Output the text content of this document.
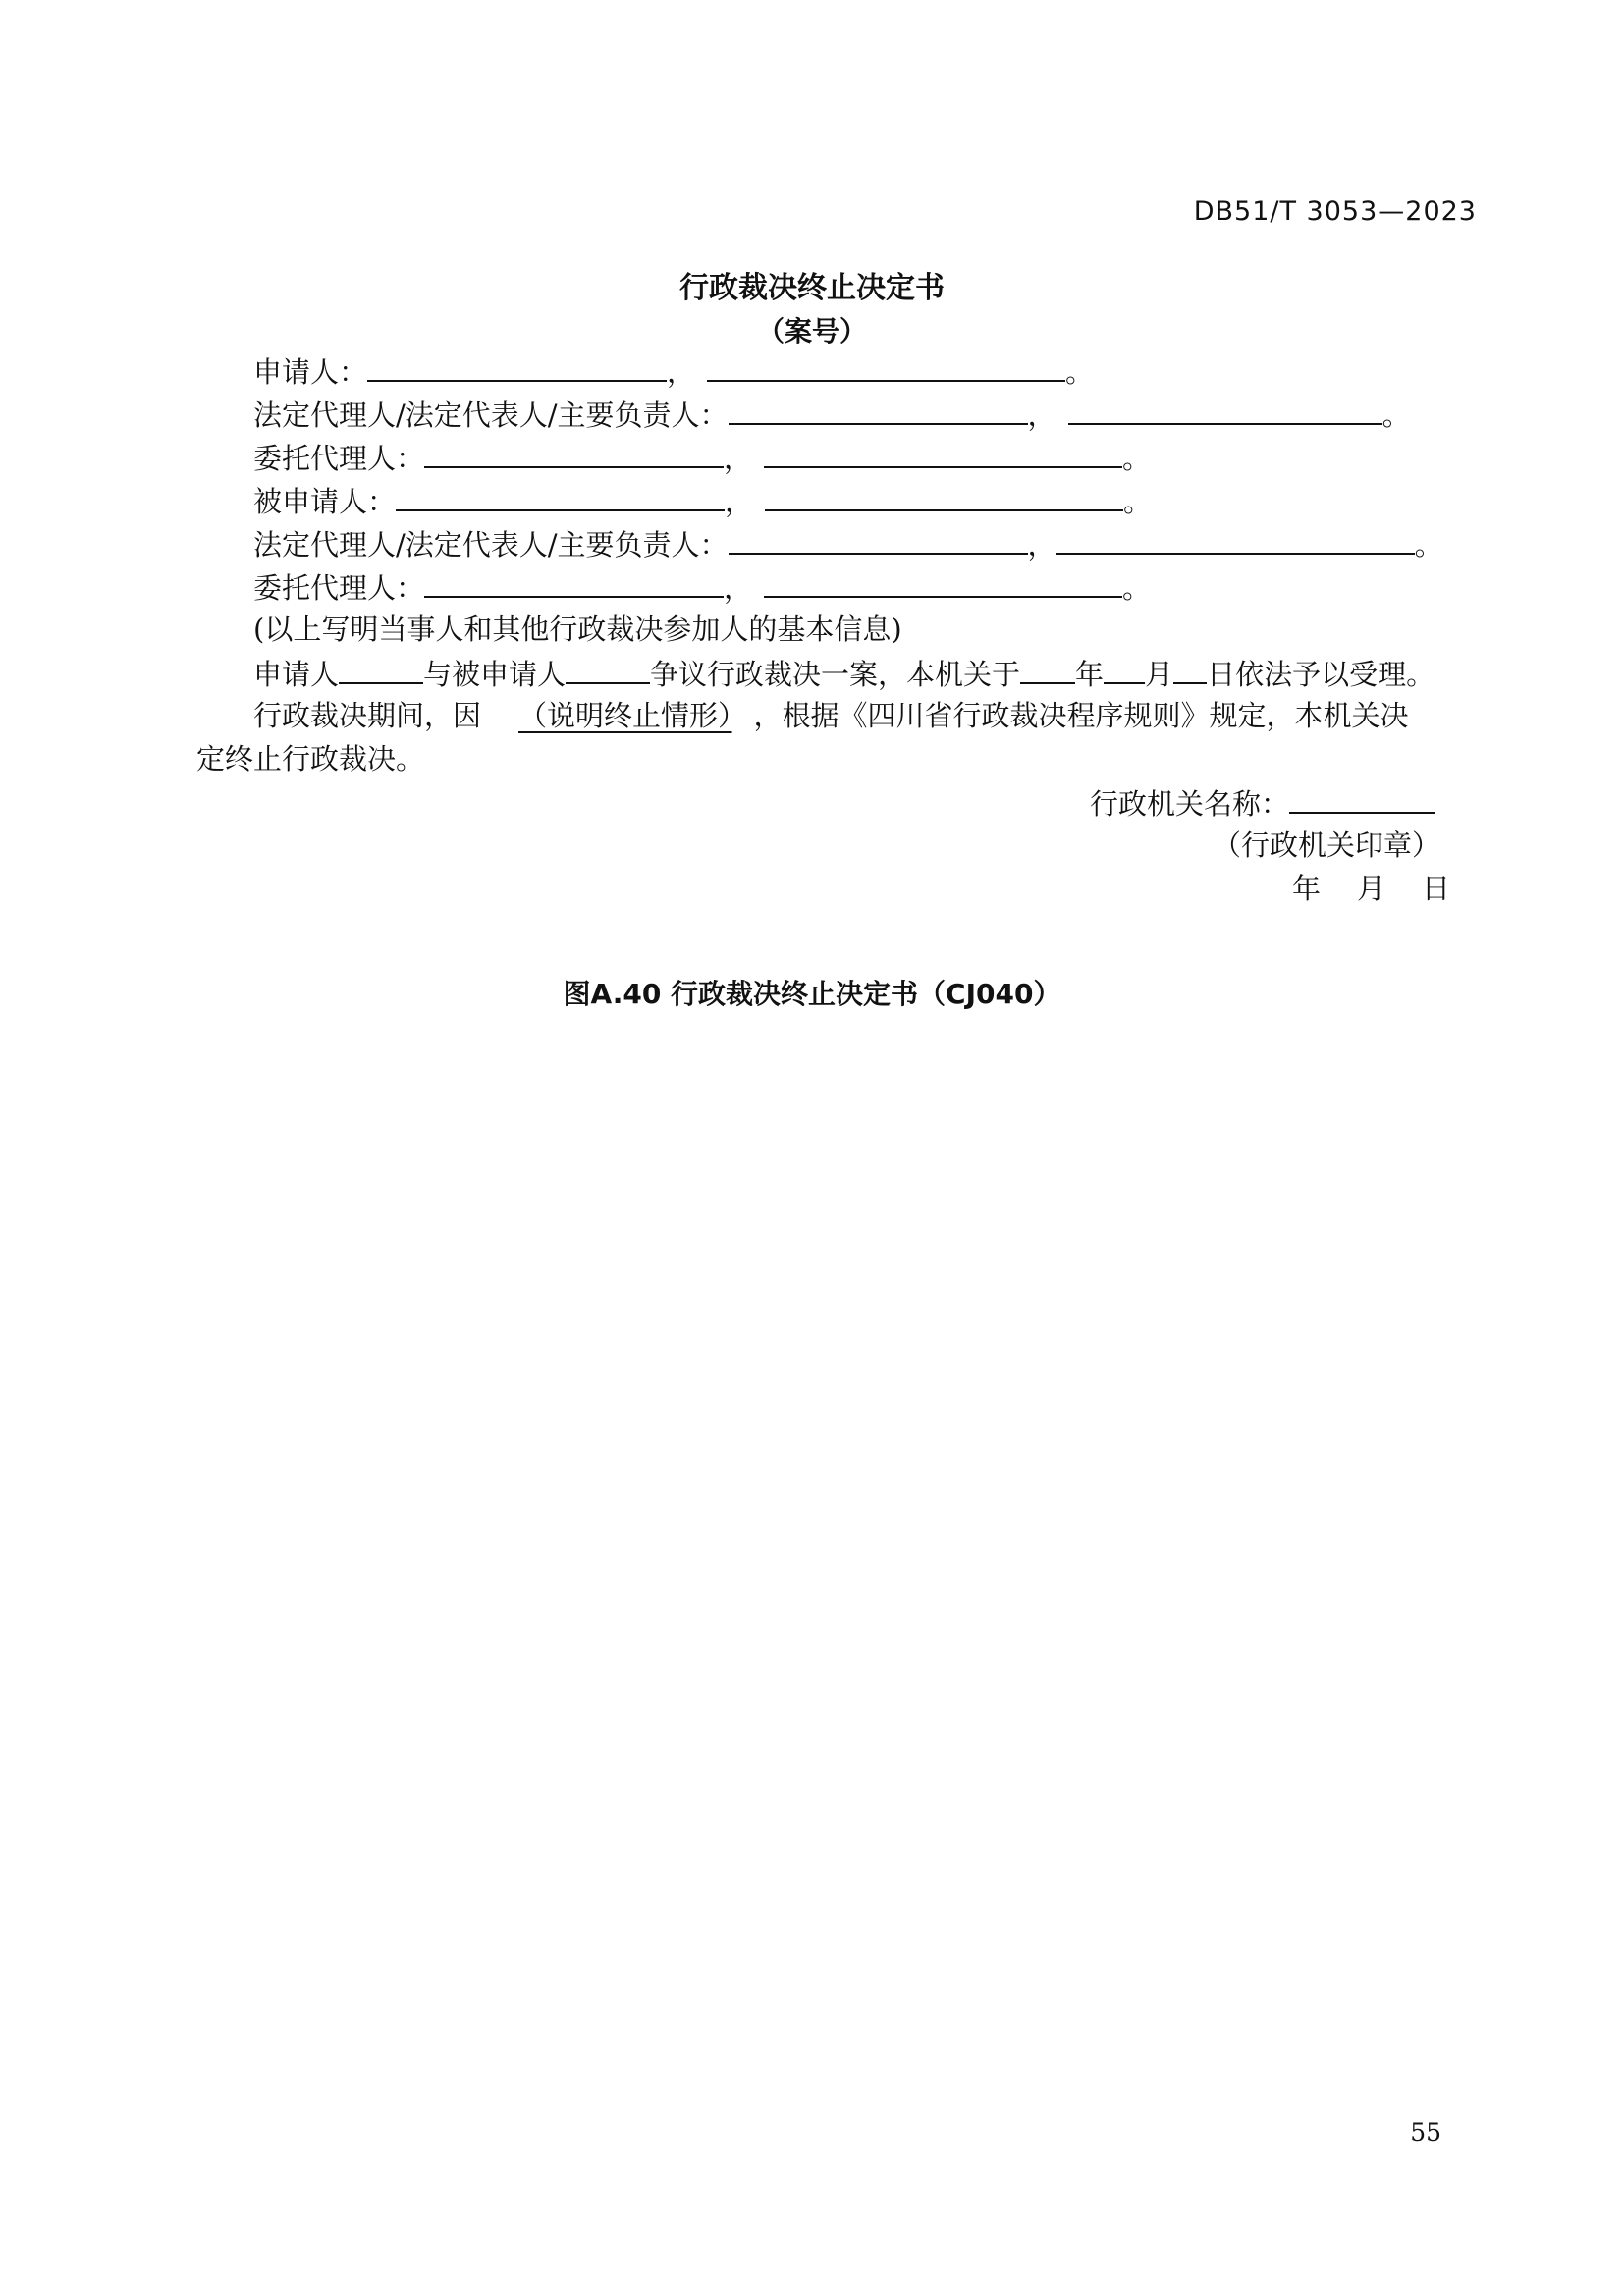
DB51/T 3053—2023
行政裁决终止决定书
（案号）
申请人：	，	。
法定代理人/法定代表人/主要负责人：	，	。
委托代理人：	，	。
被申请人：	，	。
法定代理人/法定代表人/主要负责人：	，	。
委托代理人：	，	。
(以上写明当事人和其他行政裁决参加人的基本信息)
申请人	与被申请人	争议行政裁决一案，本机关于 年 月 日依法予以受理。
行政裁决期间，因 （说明终止情形） ，根据《四川省行政裁决程序规则》规定，本机关决
定终止行政裁决。
行政机关名称：
（行政机关印章）
年　月　日
图A.40 行政裁决终止决定书（CJ040）
55
